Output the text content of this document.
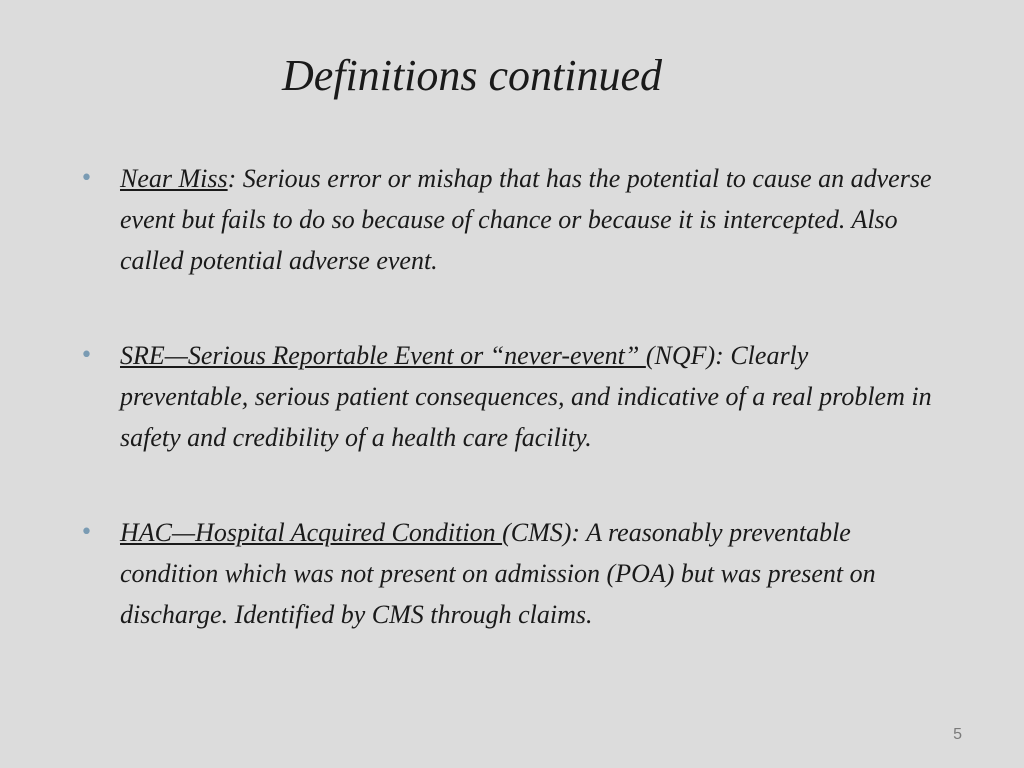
Definitions continued
• Near Miss: Serious error or mishap that has the potential to cause an adverse event but fails to do so because of chance or because it is intercepted. Also called potential adverse event.
• SRE—Serious Reportable Event or “never-event” (NQF): Clearly preventable, serious patient consequences, and indicative of a real problem in safety and credibility of a health care facility.
• HAC—Hospital Acquired Condition (CMS): A reasonably preventable condition which was not present on admission (POA) but was present on discharge. Identified by CMS through claims.
5
